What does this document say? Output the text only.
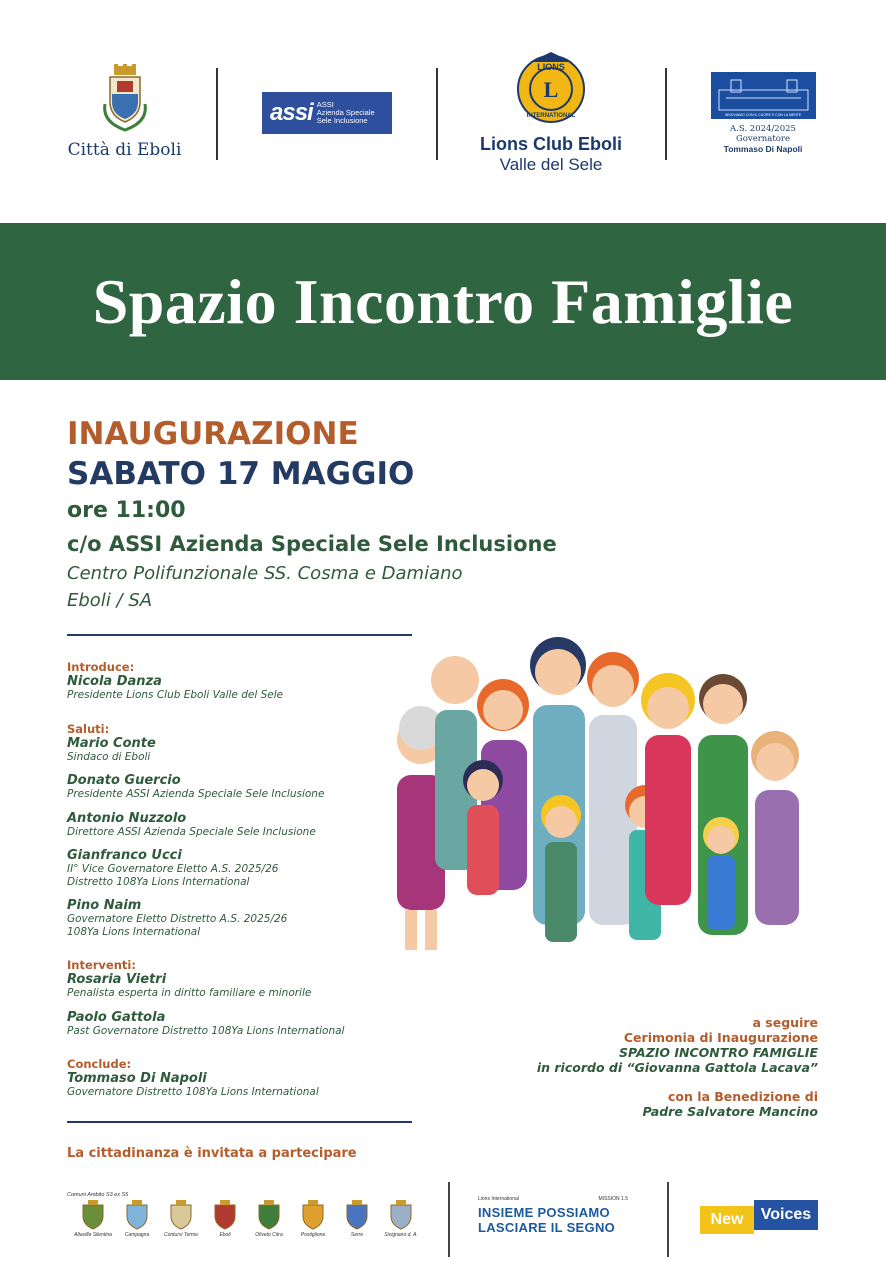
Città di Eboli
assi ASSI
Azienda Speciale
Sele Inclusione
LIONS
INTERNATIONAL
L
Lions Club Eboli
Valle del Sele
INNOVIAMO CON IL CUORE E CON LA MENTE
A.S. 2024/2025
Governatore
Tommaso Di Napoli
Spazio Incontro Famiglie
INAUGURAZIONE
SABATO 17 MAGGIO
ore 11:00
c/o ASSI Azienda Speciale Sele Inclusione
Centro Polifunzionale SS. Cosma e Damiano
Eboli / SA
Introduce:
Nicola Danza
Presidente Lions Club Eboli Valle del Sele
Saluti:
Mario Conte
Sindaco di Eboli
Donato Guercio
Presidente ASSI Azienda Speciale Sele Inclusione
Antonio Nuzzolo
Direttore ASSI Azienda Speciale Sele Inclusione
Gianfranco Ucci
II° Vice Governatore Eletto A.S. 2025/26
Distretto 108Ya Lions International
Pino Naim
Governatore Eletto Distretto A.S. 2025/26
108Ya Lions International
Interventi:
Rosaria Vietri
Penalista esperta in diritto familiare e minorile
Paolo Gattola
Past Governatore Distretto 108Ya Lions International
Conclude:
Tommaso Di Napoli
Governatore Distretto 108Ya Lions International
a seguire
Cerimonia di Inaugurazione
SPAZIO INCONTRO FAMIGLIE
in ricordo di “Giovanna Gattola Lacava”
con la Benedizione di
Padre Salvatore Mancino
La cittadinanza è invitata a partecipare
Comuni Ambito S3 ex S5
Altavilla Silentina	Campagna	Contursi Terme	Eboli	Oliveto Citra	Postiglione	Serre	Sicignano d. A.
Lions International	MISSION 1.5
INSIEME POSSIAMO
LASCIARE IL SEGNO	New	Voices
